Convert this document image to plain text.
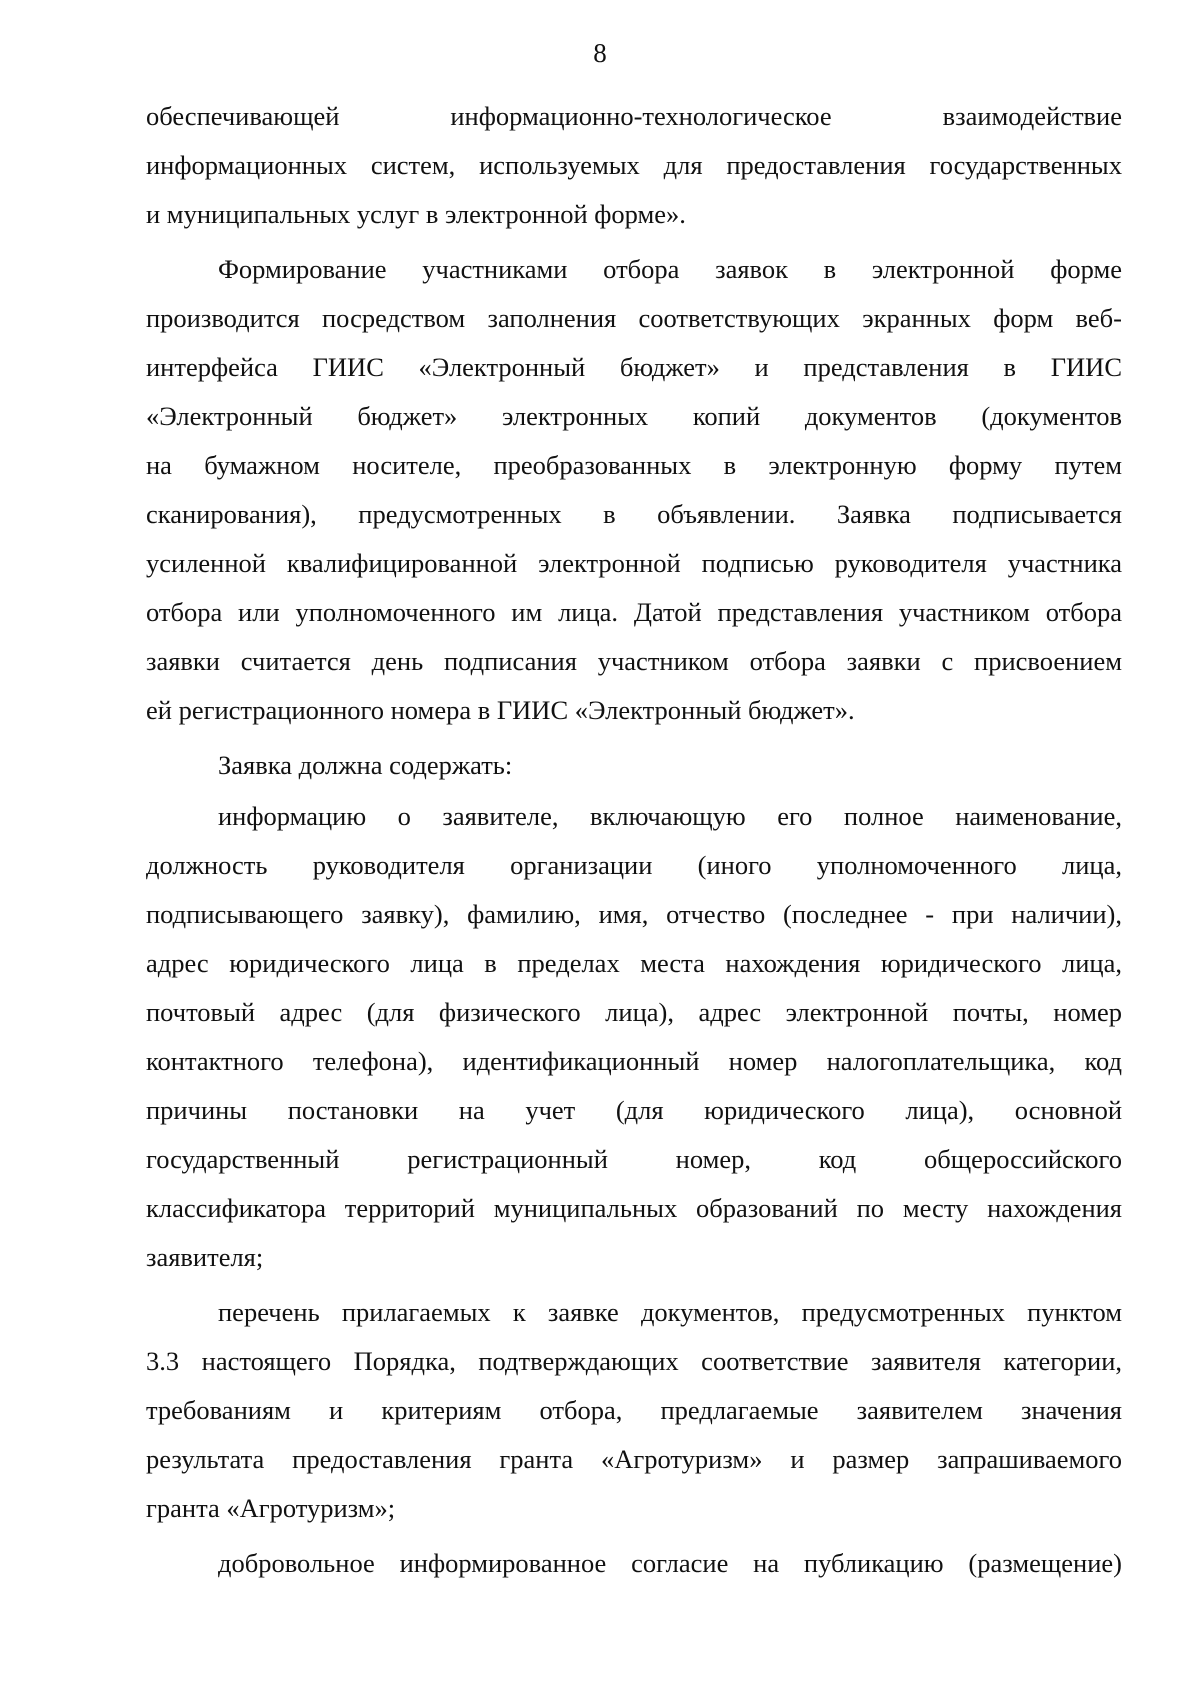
8
обеспечивающей информационно-технологическое взаимодействие
информационных систем, используемых для предоставления государственных
и муниципальных услуг в электронной форме».
Формирование участниками отбора заявок в электронной форме
производится посредством заполнения соответствующих экранных форм веб-
интерфейса ГИИС «Электронный бюджет» и представления в ГИИС
«Электронный бюджет» электронных копий документов (документов
на бумажном носителе, преобразованных в электронную форму путем
сканирования), предусмотренных в объявлении. Заявка подписывается
усиленной квалифицированной электронной подписью руководителя участника
отбора или уполномоченного им лица. Датой представления участником отбора
заявки считается день подписания участником отбора заявки с присвоением
ей регистрационного номера в ГИИС «Электронный бюджет».
Заявка должна содержать:
информацию о заявителе, включающую его полное наименование,
должность руководителя организации (иного уполномоченного лица,
подписывающего заявку), фамилию, имя, отчество (последнее - при наличии),
адрес юридического лица в пределах места нахождения юридического лица,
почтовый адрес (для физического лица), адрес электронной почты, номер
контактного телефона), идентификационный номер налогоплательщика, код
причины постановки на учет (для юридического лица), основной
государственный регистрационный номер, код общероссийского
классификатора территорий муниципальных образований по месту нахождения
заявителя;
перечень прилагаемых к заявке документов, предусмотренных пунктом
3.3 настоящего Порядка, подтверждающих соответствие заявителя категории,
требованиям и критериям отбора, предлагаемые заявителем значения
результата предоставления гранта «Агротуризм» и размер запрашиваемого
гранта «Агротуризм»;
добровольное информированное согласие на публикацию (размещение)
